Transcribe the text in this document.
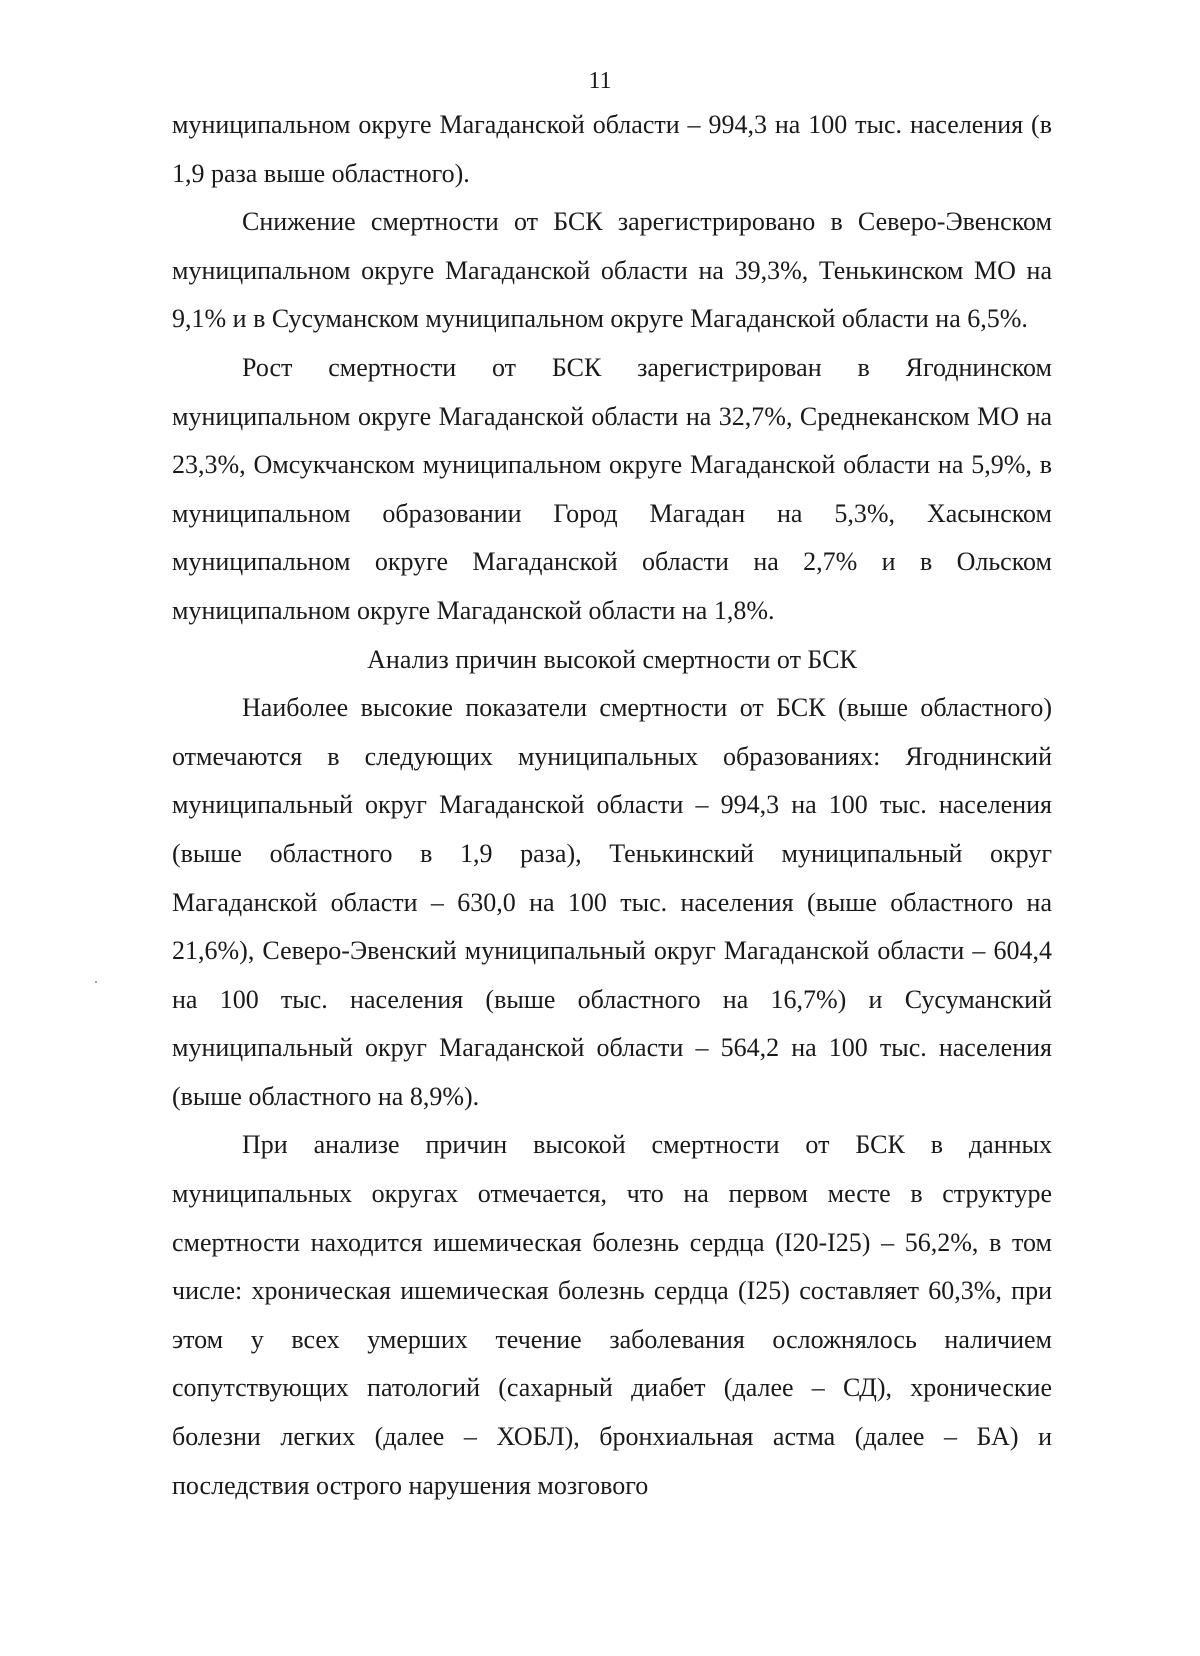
11

муниципальном округе Магаданской области – 994,3 на 100 тыс. населения (в 1,9 раза выше областного).

Снижение смертности от БСК зарегистрировано в Северо-Эвенском муниципальном округе Магаданской области на 39,3%, Тенькинском МО на 9,1% и в Сусуманском муниципальном округе Магаданской области на 6,5%.

Рост смертности от БСК зарегистрирован в Ягоднинском муниципальном округе Магаданской области на 32,7%, Среднеканском МО на 23,3%, Омсукчанском муниципальном округе Магаданской области на 5,9%, в муниципальном образовании Город Магадан на 5,3%, Хасынском муниципальном округе Магаданской области на 2,7% и в Ольском муниципальном округе Магаданской области на 1,8%.

Анализ причин высокой смертности от БСК

Наиболее высокие показатели смертности от БСК (выше областного) отмечаются в следующих муниципальных образованиях: Ягоднинский муниципальный округ Магаданской области – 994,3 на 100 тыс. населения (выше областного в 1,9 раза), Тенькинский муниципальный округ Магаданской области – 630,0 на 100 тыс. населения (выше областного на 21,6%), Северо-Эвенский муниципальный округ Магаданской области – 604,4 на 100 тыс. населения (выше областного на 16,7%) и Сусуманский муниципальный округ Магаданской области – 564,2 на 100 тыс. населения (выше областного на 8,9%).

При анализе причин высокой смертности от БСК в данных муниципальных округах отмечается, что на первом месте в структуре смертности находится ишемическая болезнь сердца (I20-I25) – 56,2%, в том числе: хроническая ишемическая болезнь сердца (I25) составляет 60,3%, при этом у всех умерших течение заболевания осложнялось наличием сопутствующих патологий (сахарный диабет (далее – СД), хронические болезни легких (далее – ХОБЛ), бронхиальная астма (далее – БА) и последствия острого нарушения мозгового
